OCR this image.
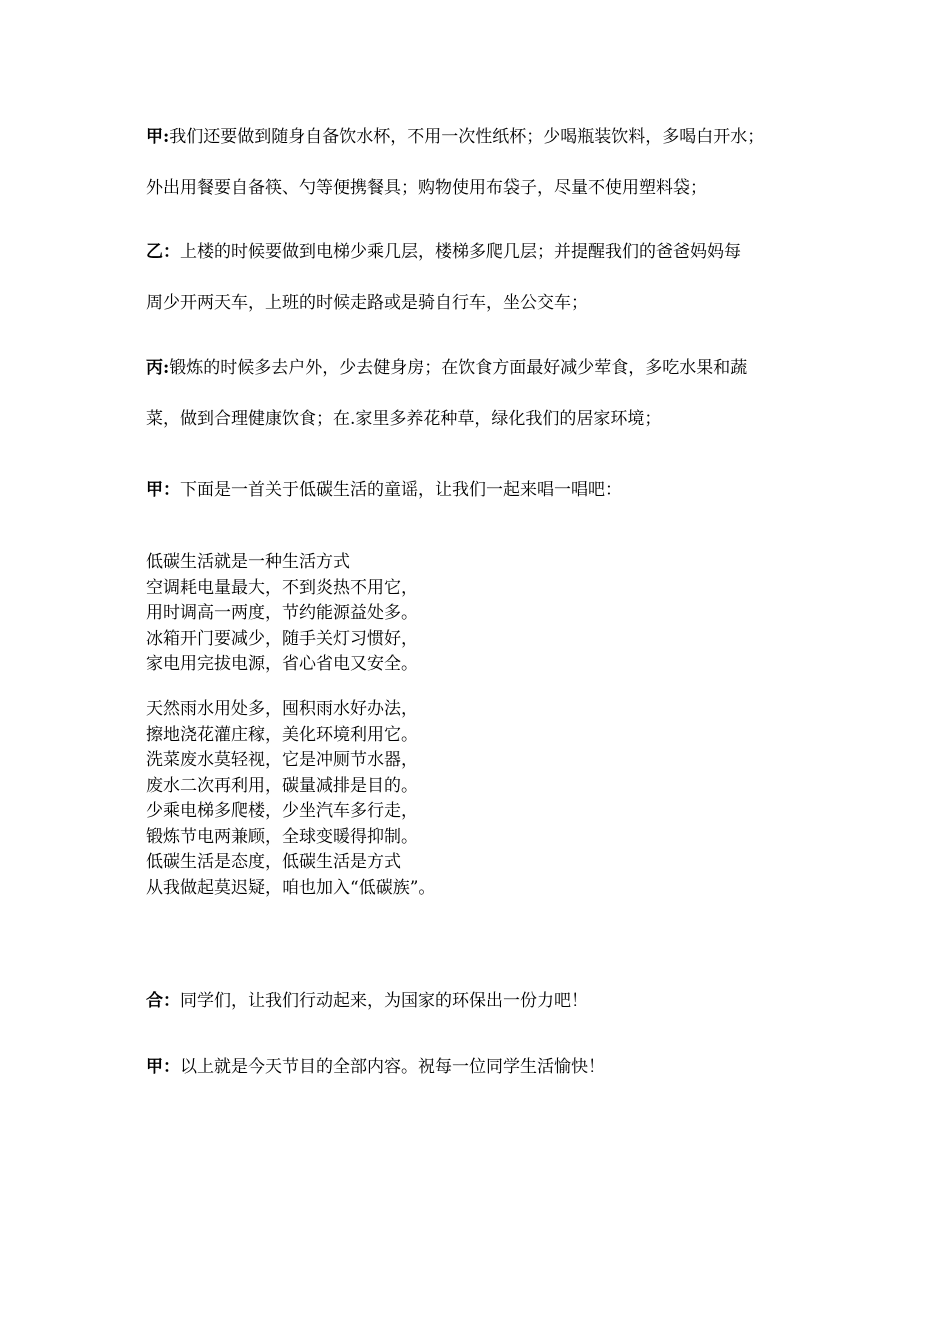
甲:我们还要做到随身自备饮水杯，不用一次性纸杯；少喝瓶装饮料，多喝白开水；
外出用餐要自备筷、勺等便携餐具；购物使用布袋子，尽量不使用塑料袋；
乙：上楼的时候要做到电梯少乘几层，楼梯多爬几层；并提醒我们的爸爸妈妈每
周少开两天车，上班的时候走路或是骑自行车，坐公交车；
丙:锻炼的时候多去户外，少去健身房；在饮食方面最好减少荤食，多吃水果和蔬
菜，做到合理健康饮食；在.家里多养花种草，绿化我们的居家环境；
甲：下面是一首关于低碳生活的童谣，让我们一起来唱一唱吧：
低碳生活就是一种生活方式
空调耗电量最大，不到炎热不用它，
用时调高一两度，节约能源益处多。
冰箱开门要减少，随手关灯习惯好，
家电用完拔电源，省心省电又安全。
天然雨水用处多，囤积雨水好办法，
擦地浇花灌庄稼，美化环境利用它。
洗菜废水莫轻视，它是冲厕节水器，
废水二次再利用，碳量减排是目的。
少乘电梯多爬楼，少坐汽车多行走，
锻炼节电两兼顾，全球变暖得抑制。
低碳生活是态度，低碳生活是方式
从我做起莫迟疑，咱也加入“低碳族”。
合：同学们，让我们行动起来，为国家的环保出一份力吧！
甲：以上就是今天节目的全部内容。祝每一位同学生活愉快！
